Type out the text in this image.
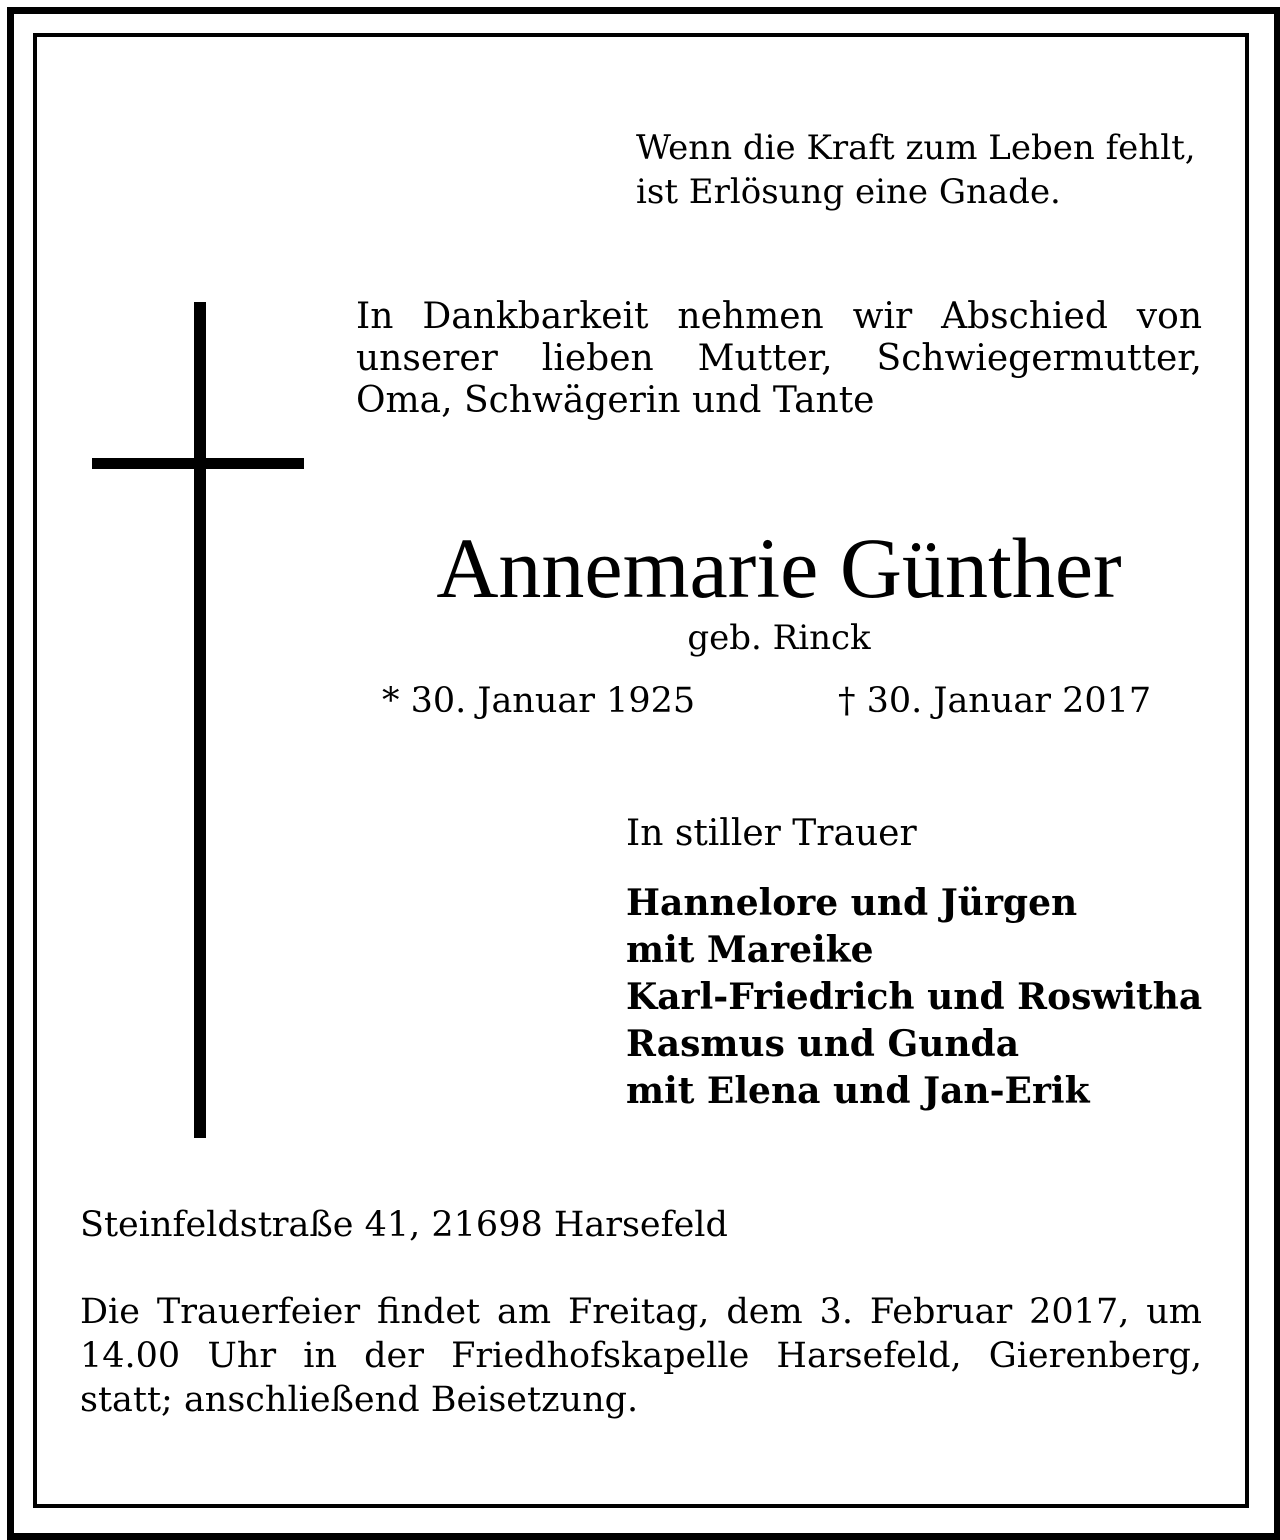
Wenn die Kraft zum Leben fehlt,
ist Erlösung eine Gnade.
In Dankbarkeit nehmen wir Abschied von unserer lieben Mutter, Schwiegermutter, Oma, Schwägerin und Tante
Annemarie Günther
geb. Rinck
* 30. Januar 1925	† 30. Januar 2017
In stiller Trauer
Hannelore und Jürgen
mit Mareike
Karl-Friedrich und Roswitha
Rasmus und Gunda
mit Elena und Jan-Erik
Steinfeldstraße 41, 21698 Harsefeld
Die Trauerfeier findet am Freitag, dem 3. Februar 2017, um 14.00 Uhr in der Friedhofskapelle Harsefeld, Gierenberg, statt; anschließend Beisetzung.
